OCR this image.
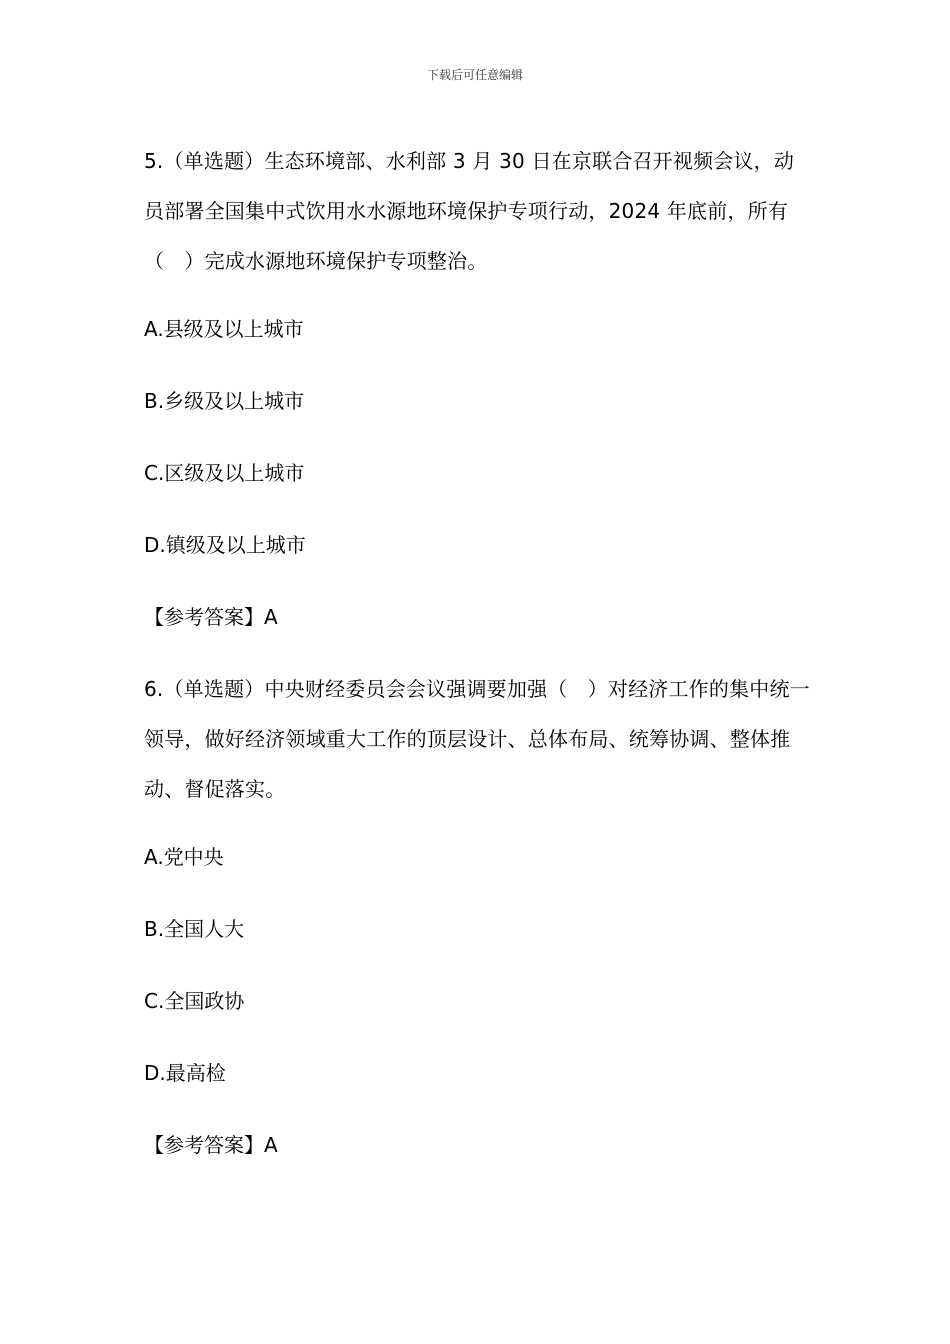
下载后可任意编辑

5.（单选题）生态环境部、水利部 3 月 30 日在京联合召开视频会议，动员部署全国集中式饮用水水源地环境保护专项行动，2024 年底前，所有（　）完成水源地环境保护专项整治。

A.县级及以上城市

B.乡级及以上城市

C.区级及以上城市

D.镇级及以上城市

【参考答案】A

6.（单选题）中央财经委员会会议强调要加强（　）对经济工作的集中统一领导，做好经济领域重大工作的顶层设计、总体布局、统筹协调、整体推动、督促落实。

A.党中央

B.全国人大

C.全国政协

D.最高检

【参考答案】A
